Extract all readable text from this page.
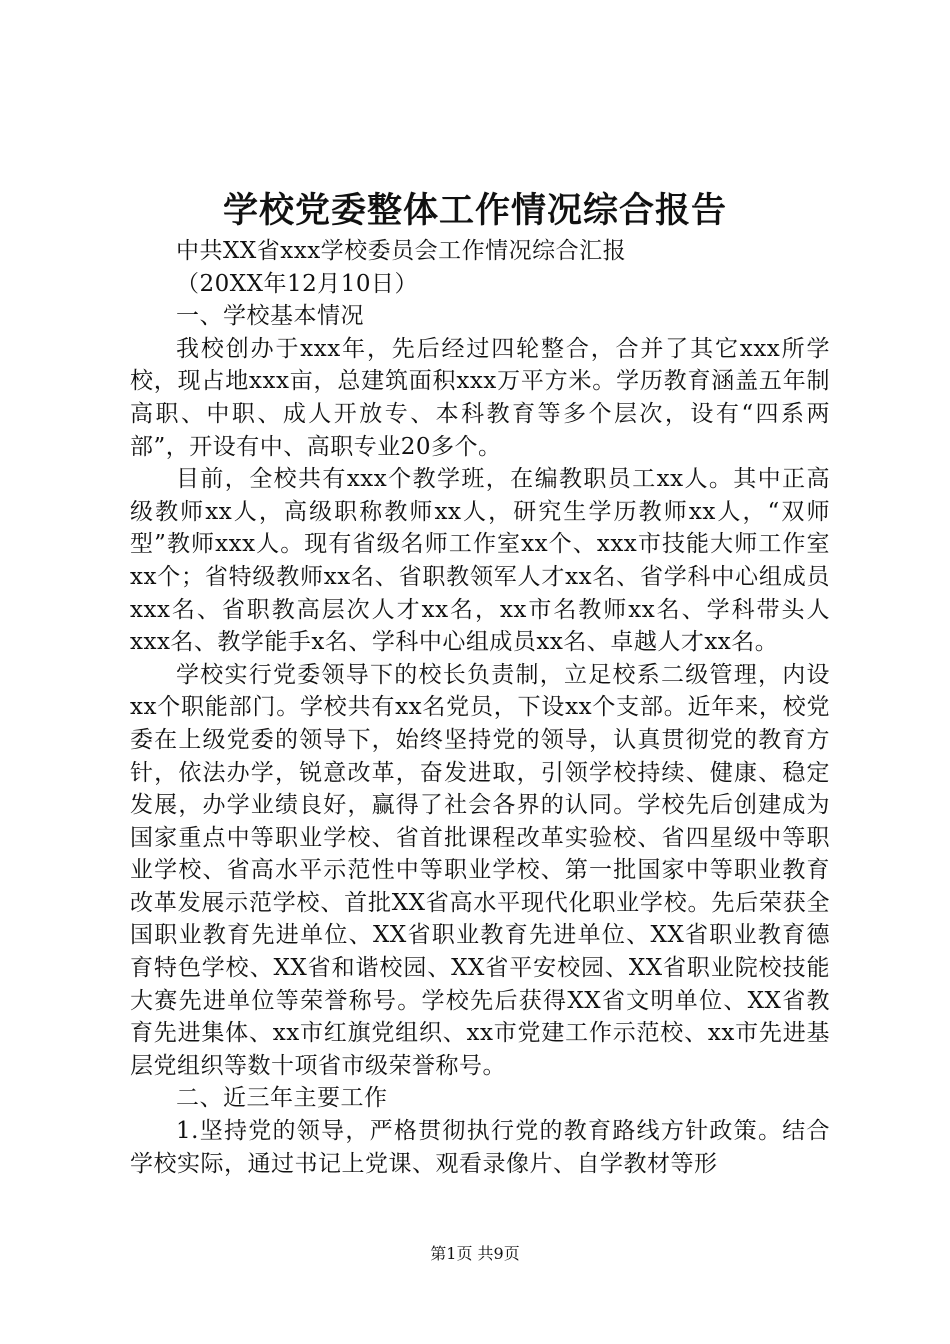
学校党委整体工作情况综合报告

中共XX省xxx学校委员会工作情况综合汇报

（20XX年12月10日）

一、学校基本情况

我校创办于xxx年，先后经过四轮整合，合并了其它xxx所学校，现占地xxx亩，总建筑面积xxx万平方米。学历教育涵盖五年制高职、中职、成人开放专、本科教育等多个层次，设有“四系两部”，开设有中、高职专业20多个。

目前，全校共有xxx个教学班，在编教职员工xx人。其中正高级教师xx人，高级职称教师xx人，研究生学历教师xx人，“双师型”教师xxx人。现有省级名师工作室xx个、xxx市技能大师工作室xx个；省特级教师xx名、省职教领军人才xx名、省学科中心组成员xxx名、省职教高层次人才xx名，xx市名教师xx名、学科带头人xxx名、教学能手x名、学科中心组成员xx名、卓越人才xx名。

学校实行党委领导下的校长负责制，立足校系二级管理，内设xx个职能部门。学校共有xx名党员，下设xx个支部。近年来，校党委在上级党委的领导下，始终坚持党的领导，认真贯彻党的教育方针，依法办学，锐意改革，奋发进取，引领学校持续、健康、稳定发展，办学业绩良好，赢得了社会各界的认同。学校先后创建成为国家重点中等职业学校、省首批课程改革实验校、省四星级中等职业学校、省高水平示范性中等职业学校、第一批国家中等职业教育改革发展示范学校、首批XX省高水平现代化职业学校。先后荣获全国职业教育先进单位、XX省职业教育先进单位、XX省职业教育德育特色学校、XX省和谐校园、XX省平安校园、XX省职业院校技能大赛先进单位等荣誉称号。学校先后获得XX省文明单位、XX省教育先进集体、xx市红旗党组织、xx市党建工作示范校、xx市先进基层党组织等数十项省市级荣誉称号。

二、近三年主要工作

1.坚持党的领导，严格贯彻执行党的教育路线方针政策。结合学校实际，通过书记上党课、观看录像片、自学教材等形

第1页 共9页
